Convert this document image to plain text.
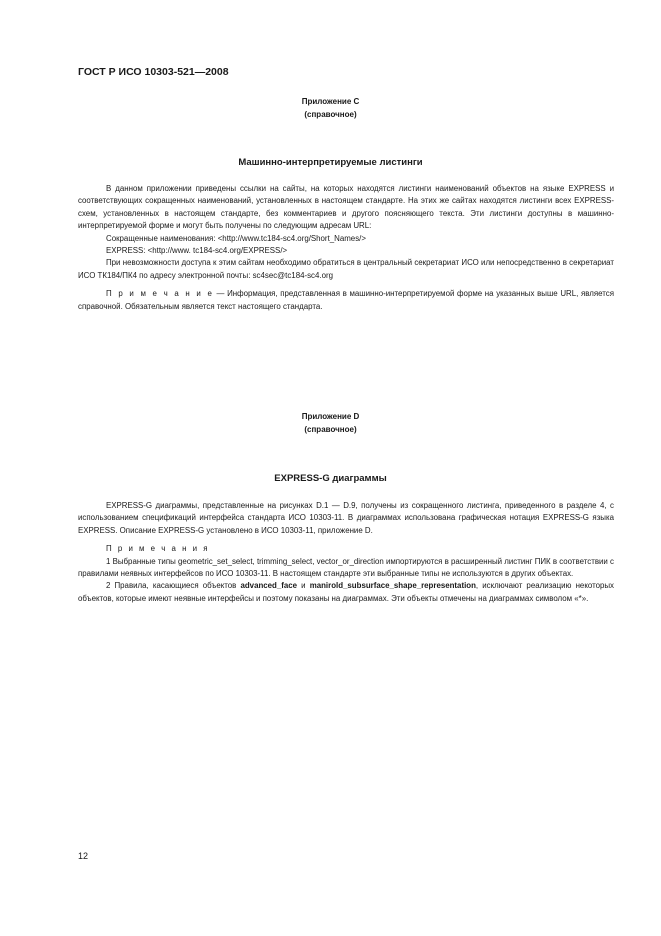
ГОСТ Р ИСО 10303-521—2008
Приложение С
(справочное)
Машинно-интерпретируемые листинги

В данном приложении приведены ссылки на сайты, на которых находятся листинги наименований объектов на языке EXPRESS и соответствующих сокращенных наименований, установленных в настоящем стандарте. На этих же сайтах находятся листинги всех EXPRESS-схем, установленных в настоящем стандарте, без комментариев и другого поясняющего текста. Эти листинги доступны в машинно-интерпретируемой форме и могут быть получены по следующим адресам URL:

Сокращенные наименования: <http://www.tc184-sc4.org/Short_Names/>

EXPRESS: <http://www. tc184-sc4.org/EXPRESS/>

При невозможности доступа к этим сайтам необходимо обратиться в центральный секретариат ИСО или непосредственно в секретариат ИСО ТК184/ПК4 по адресу электронной почты: sc4sec@tc184-sc4.org

П р и м е ч а н и е — Информация, представленная в машинно-интерпретируемой форме на указанных выше URL, является справочной. Обязательным является текст настоящего стандарта.

Приложение D
(справочное)
EXPRESS-G диаграммы

EXPRESS-G диаграммы, представленные на рисунках D.1 — D.9, получены из сокращенного листинга, приведенного в разделе 4, с использованием спецификаций интерфейса стандарта ИСО 10303-11. В диаграммах использована графическая нотация EXPRESS-G языка EXPRESS. Описание EXPRESS-G установлено в ИСО 10303-11, приложение D.

П р и м е ч а н и я

1 Выбранные типы geometric_set_select, trimming_select, vector_or_direction импортируются в расширенный листинг ПИК в соответствии с правилами неявных интерфейсов по ИСО 10303-11. В настоящем стандарте эти выбранные типы не используются в других объектах.

2 Правила, касающиеся объектов advanced_face и manirold_subsurface_shape_representation, исключают реализацию некоторых объектов, которые имеют неявные интерфейсы и поэтому показаны на диаграммах. Эти объекты отмечены на диаграммах символом «*».

12
